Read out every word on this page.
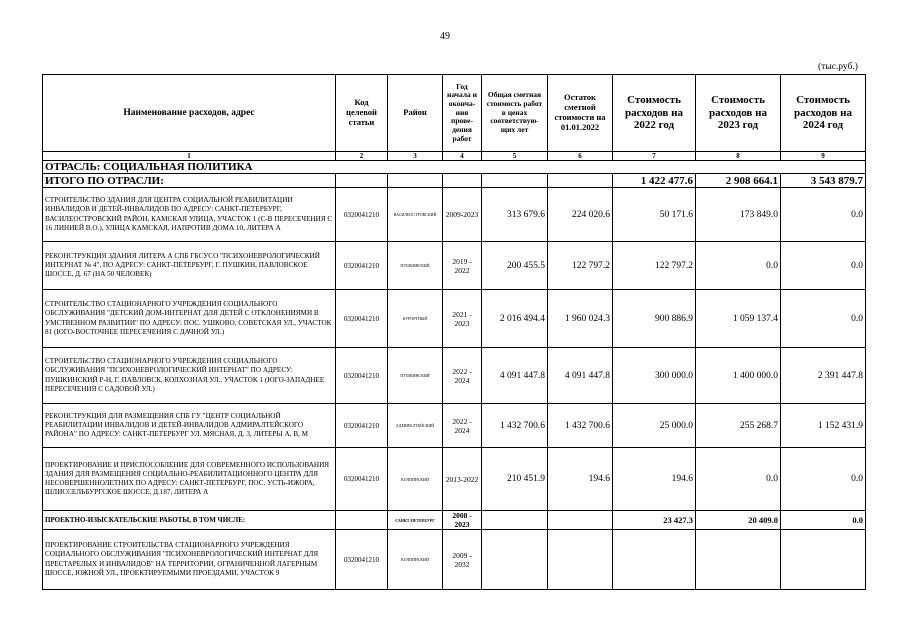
49
(тыс.руб.)
Наименование расходов, адрес	Код целевой статьи	Район	Год начала и оконча-ния прове-дения работ	Общая сметная стоимость работ в ценах соответствую-щих лет	Остаток сметной стоимости на 01.01.2022	Стоимость расходов на 2022 год	Стоимость расходов на 2023 год	Стоимость расходов на 2024 год
1	2	3	4	5	6	7	8	9
ОТРАСЛЬ: СОЦИАЛЬНАЯ ПОЛИТИКА								
ИТОГО ПО ОТРАСЛИ:						1 422 477.6	2 908 664.1	3 543 879.7
СТРОИТЕЛЬСТВО ЗДАНИЯ ДЛЯ ЦЕНТРА СОЦИАЛЬНОЙ РЕАБИЛИТАЦИИ ИНВАЛИДОВ И ДЕТЕЙ-ИНВАЛИДОВ ПО АДРЕСУ: САНКТ-ПЕТЕРБУРГ, ВАСИЛЕОСТРОВСКИЙ РАЙОН, КАМСКАЯ УЛИЦА, УЧАСТОК 1 (С-В ПЕРЕСЕЧЕНИЯ С 16 ЛИНИЕЙ В.О.), УЛИЦА КАМСКАЯ, НАПРОТИВ ДОМА 10, ЛИТЕРА А	0320041210	ВАСИЛЕОСТРОВСКИЙ	2009-2023	313 679.6	224 020.6	50 171.6	173 849.0	0.0
РЕКОНСТРУКЦИЯ ЗДАНИЯ ЛИТЕРА А СПБ ГБСУСО "ПСИХОНЕВРОЛОГИЧЕСКИЙ ИНТЕРНАТ № 4", ПО АДРЕСУ: САНКТ-ПЕТЕРБУРГ, Г. ПУШКИН, ПАВЛОВСКОЕ ШОССЕ, Д. 67 (НА 50 ЧЕЛОВЕК)	0320041210	ПУШКИНСКИЙ	2019 - 2022	200 455.5	122 797.2	122 797.2	0.0	0.0
СТРОИТЕЛЬСТВО СТАЦИОНАРНОГО УЧРЕЖДЕНИЯ СОЦИАЛЬНОГО ОБСЛУЖИВАНИЯ "ДЕТСКИЙ ДОМ-ИНТЕРНАТ ДЛЯ ДЕТЕЙ С ОТКЛОНЕНИЯМИ В УМСТВЕННОМ РАЗВИТИИ" ПО АДРЕСУ: ПОС. УШКОВО, СОВЕТСКАЯ УЛ., УЧАСТОК 81 (ЮГО-ВОСТОЧНЕЕ ПЕРЕСЕЧЕНИЯ С ДАЧНОЙ УЛ.)	0320041210	КУРОРТНЫЙ	2021 - 2023	2 016 494.4	1 960 024.3	900 886.9	1 059 137.4	0.0
СТРОИТЕЛЬСТВО СТАЦИОНАРНОГО УЧРЕЖДЕНИЯ СОЦИАЛЬНОГО ОБСЛУЖИВАНИЯ "ПСИХОНЕВРОЛОГИЧЕСКИЙ ИНТЕРНАТ" ПО АДРЕСУ: ПУШКИНСКИЙ Р-Н, Г. ПАВЛОВСК, КОЛХОЗНАЯ УЛ., УЧАСТОК 1 (ЮГО-ЗАПАДНЕЕ ПЕРЕСЕЧЕНИЯ С САДОВОЙ УЛ.)	0320041210	ПУШКИНСКИЙ	2022 - 2024	4 091 447.8	4 091 447.8	300 000.0	1 400 000.0	2 391 447.8
РЕКОНСТРУКЦИЯ ДЛЯ РАЗМЕЩЕНИЯ СПБ ГУ "ЦЕНТР СОЦИАЛЬНОЙ РЕАБИЛИТАЦИИ ИНВАЛИДОВ И ДЕТЕЙ-ИНВАЛИДОВ АДМИРАЛТЕЙСКОГО РАЙОНА" ПО АДРЕСУ: САНКТ-ПЕТЕРБУРГ УЛ. МЯСНАЯ, Д. 3, ЛИТЕРЫ А, В, М	0320041210	АДМИРАЛТЕЙСКИЙ	2022 - 2024	1 432 700.6	1 432 700.6	25 000.0	255 268.7	1 152 431.9
ПРОЕКТИРОВАНИЕ И ПРИСПОСОБЛЕНИЕ ДЛЯ СОВРЕМЕННОГО ИСПОЛЬЗОВАНИЯ ЗДАНИЯ ДЛЯ РАЗМЕЩЕНИЯ СОЦИАЛЬНО-РЕАБИЛИТАЦИОННОГО ЦЕНТРА ДЛЯ НЕСОВЕРШЕННОЛЕТНИХ ПО АДРЕСУ: САНКТ-ПЕТЕРБУРГ, ПОС. УСТЬ-ИЖОРА, ШЛИССЕЛЬБУРГСКОЕ ШОССЕ, Д.187, ЛИТЕРА А	0320041210	КОЛПИНСКИЙ	2013-2022	210 451.9	194.6	194.6	0.0	0.0
ПРОЕКТНО-ИЗЫСКАТЕЛЬСКИЕ РАБОТЫ, В ТОМ ЧИСЛЕ:		САНКТ-ПЕТЕРБУРГ	2008 - 2023			23 427.3	20 409.0	0.0
ПРОЕКТИРОВАНИЕ СТРОИТЕЛЬСТВА СТАЦИОНАРНОГО УЧРЕЖДЕНИЯ СОЦИАЛЬНОГО ОБСЛУЖИВАНИЯ "ПСИХОНЕВРОЛОГИЧЕСКИЙ ИНТЕРНАТ ДЛЯ ПРЕСТАРЕЛЫХ И ИНВАЛИДОВ" НА ТЕРРИТОРИИ, ОГРАНИЧЕННОЙ ЛАГЕРНЫМ ШОССЕ, ЮЖНОЙ УЛ., ПРОЕКТИРУЕМЫМИ ПРОЕЗДАМИ, УЧАСТОК 9	0320041210	КОЛПИНСКИЙ	2009 - 2032					
